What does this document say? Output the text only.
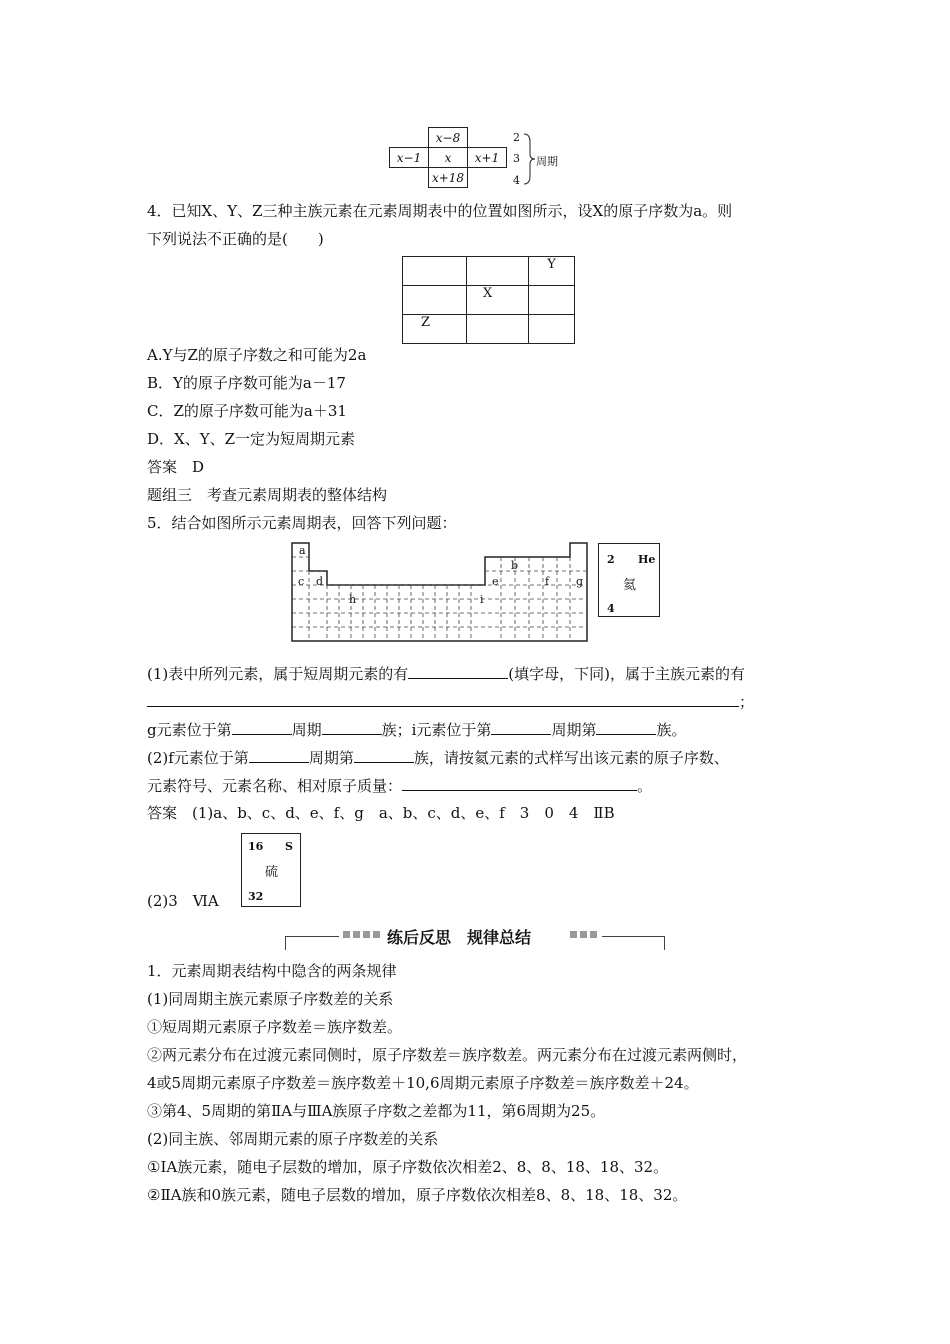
	x−8	
x−1	x	x+1
	x+18	
2
3
4
周期
4．已知X、Y、Z三种主族元素在元素周期表中的位置如图所示，设X的原子序数为a。则
下列说法不正确的是(　　)
		Y
	X	
Z		
A.Y与Z的原子序数之和可能为2a
B．Y的原子序数可能为a－17
C．Z的原子序数可能为a＋31
D．X、Y、Z一定为短周期元素
答案　D
题组三　考查元素周期表的整体结构
5．结合如图所示元素周期表，回答下列问题：
a
c d	e
b
f g
h	i
2 He
氦
4
(1)表中所列元素，属于短周期元素的有	(填字母，下同)，属于主族元素的有
；
g元素位于第	周期	族；i元素位于第	周期第	族。
(2)f元素位于第	周期第	族，请按氦元素的式样写出该元素的原子序数、
元素符号、元素名称、相对原子质量：	。
答案　(1)a、b、c、d、e、f、g　a、b、c、d、e、f　3　0　4　ⅡB
16 S
硫
32
(2)3　ⅥA
练后反思　规律总结
1．元素周期表结构中隐含的两条规律
(1)同周期主族元素原子序数差的关系
①短周期元素原子序数差＝族序数差。
②两元素分布在过渡元素同侧时，原子序数差＝族序数差。两元素分布在过渡元素两侧时，
4或5周期元素原子序数差＝族序数差＋10,6周期元素原子序数差＝族序数差＋24。
③第4、5周期的第ⅡA与ⅢA族原子序数之差都为11，第6周期为25。
(2)同主族、邻周期元素的原子序数差的关系
①ⅠA族元素，随电子层数的增加，原子序数依次相差2、8、8、18、18、32。
②ⅡA族和0族元素，随电子层数的增加，原子序数依次相差8、8、18、18、32。
